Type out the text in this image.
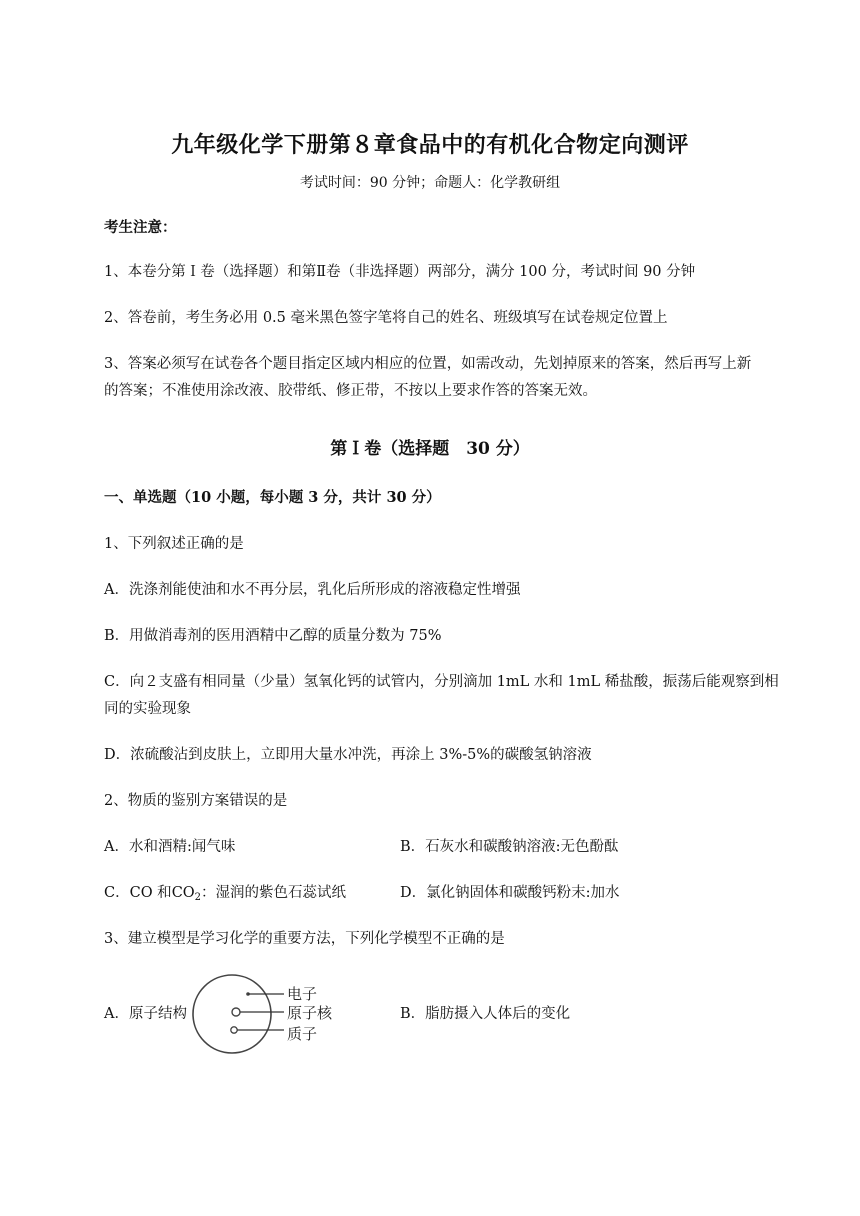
九年级化学下册第８章食品中的有机化合物定向测评
考试时间：90 分钟；命题人：化学教研组
考生注意：
1、本卷分第Ｉ卷（选择题）和第Ⅱ卷（非选择题）两部分，满分 100 分，考试时间 90 分钟
2、答卷前，考生务必用 0.5 毫米黑色签字笔将自己的姓名、班级填写在试卷规定位置上
3、答案必须写在试卷各个题目指定区域内相应的位置，如需改动，先划掉原来的答案，然后再写上新
的答案；不准使用涂改液、胶带纸、修正带，不按以上要求作答的答案无效。
第Ｉ卷（选择题　30 分）
一、单选题（10 小题，每小题 3 分，共计 30 分）
1、下列叙述正确的是
A．洗涤剂能使油和水不再分层，乳化后所形成的溶液稳定性增强
B．用做消毒剂的医用酒精中乙醇的质量分数为 75%
C．向２支盛有相同量（少量）氢氧化钙的试管内，分别滴加 1mL 水和 1mL 稀盐酸，振荡后能观察到相
同的实验现象
D．浓硫酸沾到皮肤上，立即用大量水冲洗，再涂上 3%-5%的碳酸氢钠溶液
2、物质的鉴别方案错误的是
A．水和酒精:闻气味	B．石灰水和碳酸钠溶液:无色酚酞
C．CO 和$CO_2$：湿润的紫色石蕊试纸	D．氯化钠固体和碳酸钙粉末:加水
3、建立模型是学习化学的重要方法，下列化学模型不正确的是
A．原子结构
电子
原子核
质子
B．脂肪摄入人体后的变化
